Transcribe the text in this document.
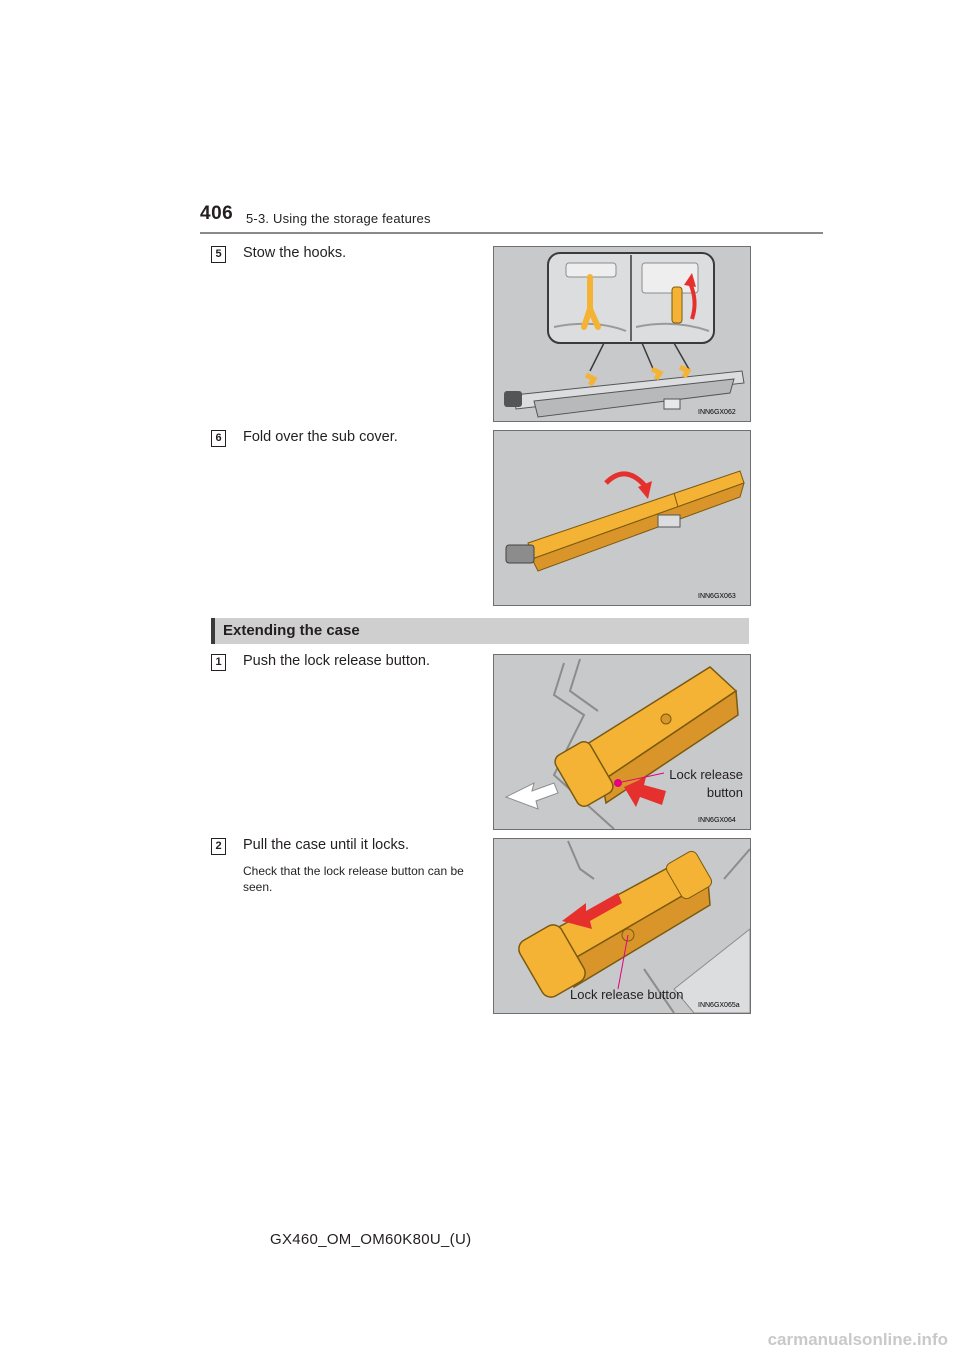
406 5-3. Using the storage features
5	Stow the hooks.
INN6GX062
6	Fold over the sub cover.
INN6GX063
Extending the case
1	Push the lock release button.
INN6GX064
Lock release
button
2	Pull the case until it locks.
Check that the lock release button can be seen.
INN6GX065a
Lock release button
GX460_OM_OM60K80U_(U)
carmanualsonline.info
